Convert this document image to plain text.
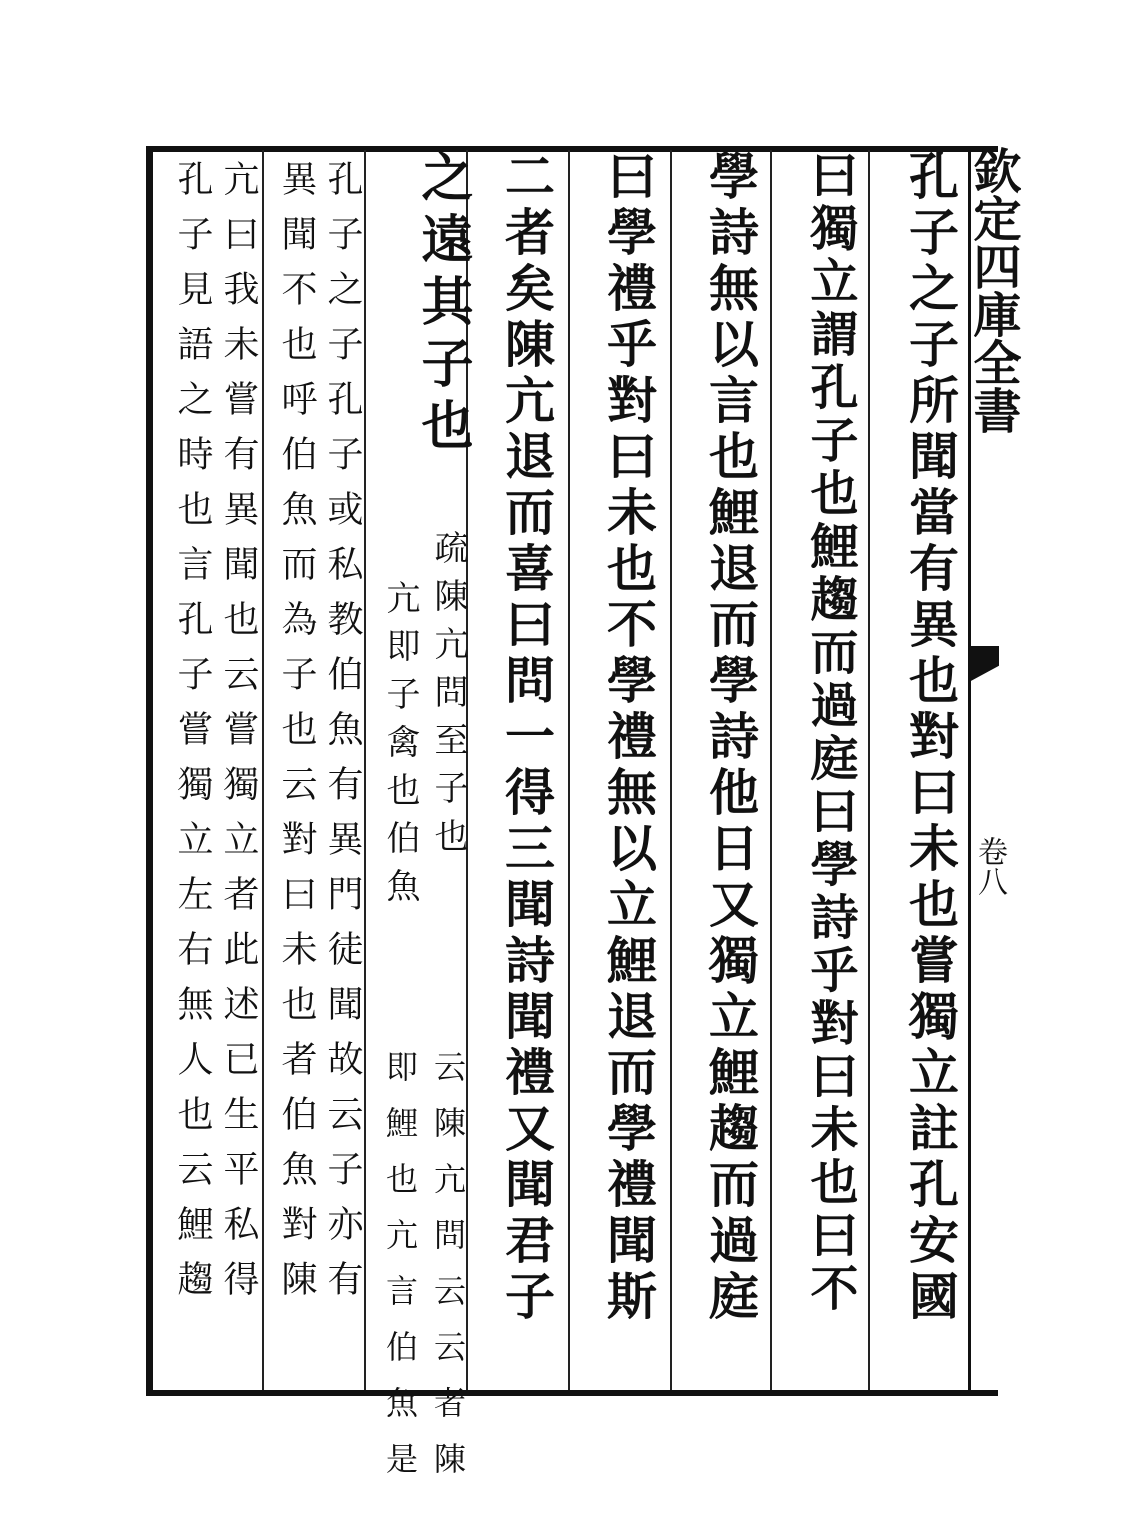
欽定四庫全書
卷八
孔子之子所聞當有異也對曰未也嘗獨立註孔安國
曰獨立謂孔子也鯉趨而過庭曰學詩乎對曰未也曰不
學詩無以言也鯉退而學詩他日又獨立鯉趨而過庭
曰學禮乎對曰未也不學禮無以立鯉退而學禮聞斯
二者矣陳亢退而喜曰問一得三聞詩聞禮又聞君子
之遠其子也
疏陳亢問至子也
亢即子禽也伯魚
云陳亢問云云者陳
即鯉也亢言伯魚是
孔子之子孔子或私教伯魚有異門徒聞故云子亦有
異聞不也呼伯魚而為子也云對曰未也者伯魚對陳
亢曰我未嘗有異聞也云嘗獨立者此述已生平私得
孔子見語之時也言孔子嘗獨立左右無人也云鯉趨
